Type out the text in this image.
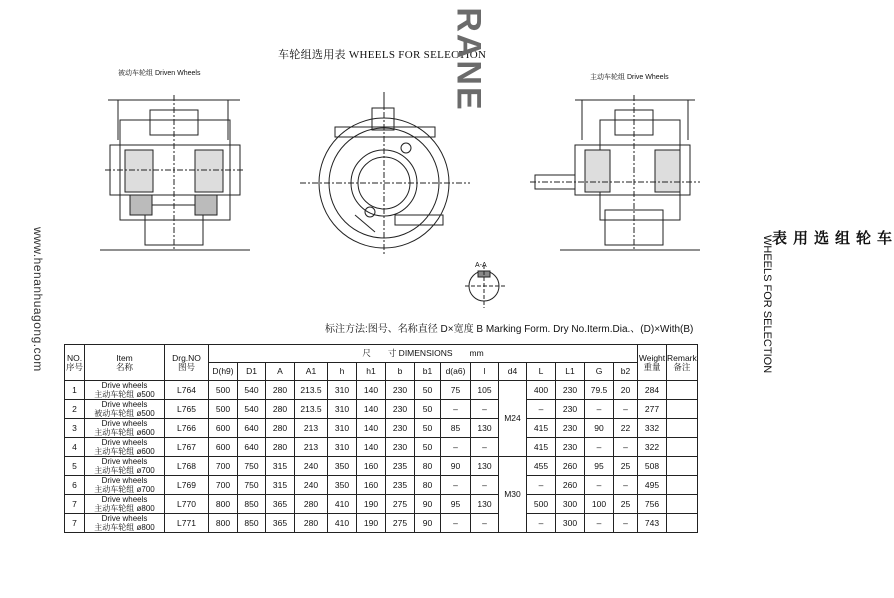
车轮组选用表 WHEELS FOR SELECTION
RANE
被动车轮组 Driven Wheels
主动车轮组 Drive Wheels
A-A
www.henanhuagong.com	车轮组选用表
WHEELS FOR SELECTION
标注方法:图号、名称直径 D×宽度 B Marking Form. Dry No.Iterm.Dia.、(D)×With(B)
NO.
序号	Item
名称	Drg.NO
图号	尺　　寸 DIMENSIONS　　mm															Weight
重量	Remark
备注
			D(h9)	D1	A	A1	h	h1	b	b1	d(a6)	l	d4	L	L1	G	b2		
1	Drive wheels
主动车轮组 ø500	L764	500	540	280	213.5	310	140	230	50	75	105	M24	400	230	79.5	20	284	
2	Drive wheels
被动车轮组 ø500	L765	500	540	280	213.5	310	140	230	50	–	–		–	230	–	–	277	
3	Drive wheels
主动车轮组 ø600	L766	600	640	280	213	310	140	230	50	85	130		415	230	90	22	332	
4	Drive wheels
主动车轮组 ø600	L767	600	640	280	213	310	140	230	50	–	–		415	230	–	–	322	
5	Drive wheels
主动车轮组 ø700	L768	700	750	315	240	350	160	235	80	90	130	M30	455	260	95	25	508	
6	Drive wheels
主动车轮组 ø700	L769	700	750	315	240	350	160	235	80	–	–		–	260	–	–	495	
7	Drive wheels
主动车轮组 ø800	L770	800	850	365	280	410	190	275	90	95	130		500	300	100	25	756	
7	Drive wheels
主动车轮组 ø800	L771	800	850	365	280	410	190	275	90	–	–		–	300	–	–	743	
